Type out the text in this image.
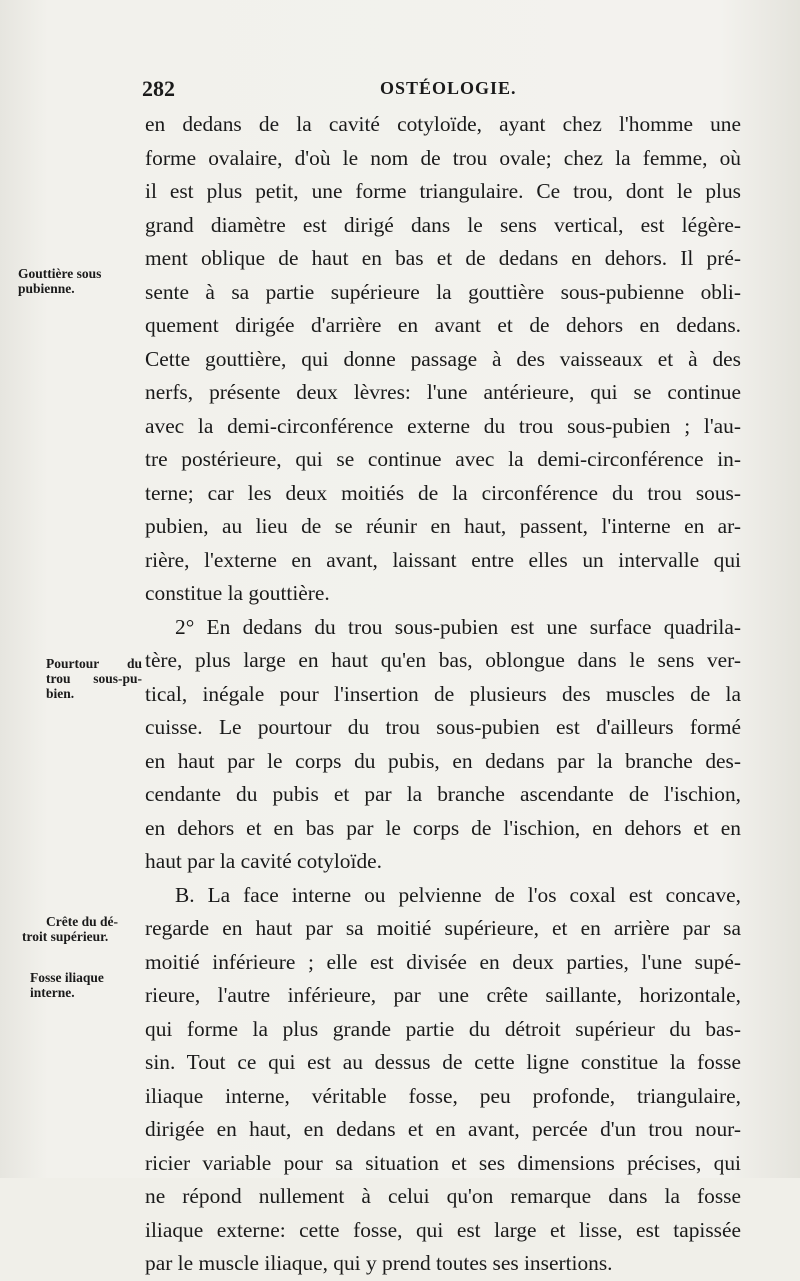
282	OSTÉOLOGIE.
Gouttière sous
pubienne.
Pourtour du
trou sous-pu-
bien.
Crête du dé-
troit supérieur.
Fosse iliaque
interne.
en dedans de la cavité cotyloïde, ayant chez l'homme une
forme ovalaire, d'où le nom de trou ovale; chez la femme, où
il est plus petit, une forme triangulaire. Ce trou, dont le plus
grand diamètre est dirigé dans le sens vertical, est légère-
ment oblique de haut en bas et de dedans en dehors. Il pré-
sente à sa partie supérieure la gouttière sous-pubienne obli-
quement dirigée d'arrière en avant et de dehors en dedans.
Cette gouttière, qui donne passage à des vaisseaux et à des
nerfs, présente deux lèvres: l'une antérieure, qui se continue
avec la demi-circonférence externe du trou sous-pubien ; l'au-
tre postérieure, qui se continue avec la demi-circonférence in-
terne; car les deux moitiés de la circonférence du trou sous-
pubien, au lieu de se réunir en haut, passent, l'interne en ar-
rière, l'externe en avant, laissant entre elles un intervalle qui
constitue la gouttière.
2° En dedans du trou sous-pubien est une surface quadrila-
tère, plus large en haut qu'en bas, oblongue dans le sens ver-
tical, inégale pour l'insertion de plusieurs des muscles de la
cuisse. Le pourtour du trou sous-pubien est d'ailleurs formé
en haut par le corps du pubis, en dedans par la branche des-
cendante du pubis et par la branche ascendante de l'ischion,
en dehors et en bas par le corps de l'ischion, en dehors et en
haut par la cavité cotyloïde.
B. La face interne ou pelvienne de l'os coxal est concave,
regarde en haut par sa moitié supérieure, et en arrière par sa
moitié inférieure ; elle est divisée en deux parties, l'une supé-
rieure, l'autre inférieure, par une crête saillante, horizontale,
qui forme la plus grande partie du détroit supérieur du bas-
sin. Tout ce qui est au dessus de cette ligne constitue la fosse
iliaque interne, véritable fosse, peu profonde, triangulaire,
dirigée en haut, en dedans et en avant, percée d'un trou nour-
ricier variable pour sa situation et ses dimensions précises, qui
ne répond nullement à celui qu'on remarque dans la fosse
iliaque externe: cette fosse, qui est large et lisse, est tapissée
par le muscle iliaque, qui y prend toutes ses insertions.
